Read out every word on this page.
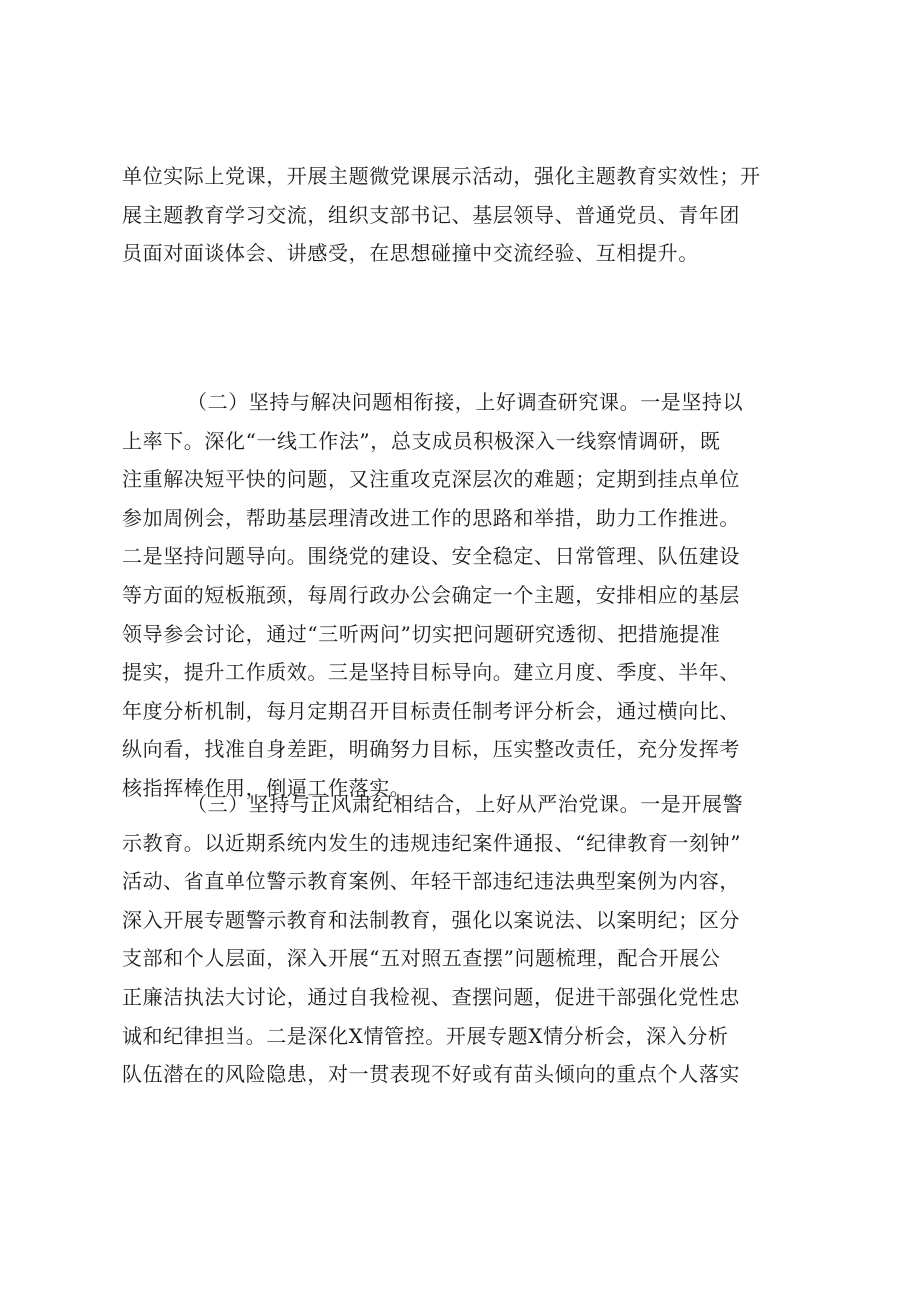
单位实际上党课，开展主题微党课展示活动，强化主题教育实效性；开
展主题教育学习交流，组织支部书记、基层领导、普通党员、青年团
员面对面谈体会、讲感受，在思想碰撞中交流经验、互相提升。
（二）坚持与解决问题相衔接，上好调查研究课。一是坚持以
上率下。深化“一线工作法”，总支成员积极深入一线察情调研，既
注重解决短平快的问题，又注重攻克深层次的难题；定期到挂点单位
参加周例会，帮助基层理清改进工作的思路和举措，助力工作推进。
二是坚持问题导向。围绕党的建设、安全稳定、日常管理、队伍建设
等方面的短板瓶颈，每周行政办公会确定一个主题，安排相应的基层
领导参会讨论，通过“三听两问”切实把问题研究透彻、把措施提准
提实，提升工作质效。三是坚持目标导向。建立月度、季度、半年、
年度分析机制，每月定期召开目标责任制考评分析会，通过横向比、
纵向看，找准自身差距，明确努力目标，压实整改责任，充分发挥考
核指挥棒作用，倒逼工作落实。
（三）坚持与正风肃纪相结合，上好从严治党课。一是开展警
示教育。以近期系统内发生的违规违纪案件通报、“纪律教育一刻钟”
活动、省直单位警示教育案例、年轻干部违纪违法典型案例为内容，
深入开展专题警示教育和法制教育，强化以案说法、以案明纪；区分
支部和个人层面，深入开展“五对照五查摆”问题梳理，配合开展公
正廉洁执法大讨论，通过自我检视、查摆问题，促进干部强化党性忠
诚和纪律担当。二是深化X情管控。开展专题X情分析会，深入分析
队伍潜在的风险隐患，对一贯表现不好或有苗头倾向的重点个人落实
